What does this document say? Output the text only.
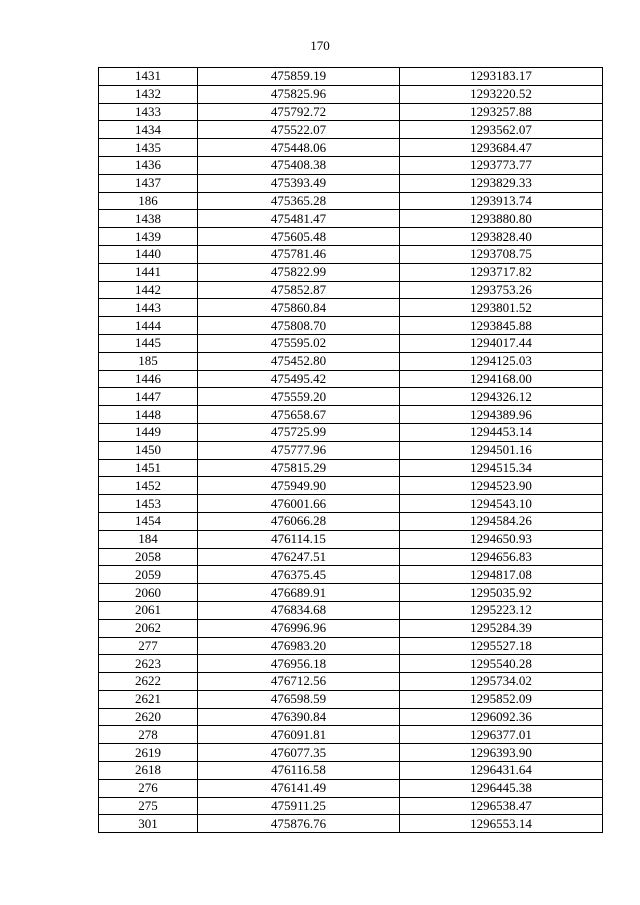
170
1431	475859.19	1293183.17
1432	475825.96	1293220.52
1433	475792.72	1293257.88
1434	475522.07	1293562.07
1435	475448.06	1293684.47
1436	475408.38	1293773.77
1437	475393.49	1293829.33
186	475365.28	1293913.74
1438	475481.47	1293880.80
1439	475605.48	1293828.40
1440	475781.46	1293708.75
1441	475822.99	1293717.82
1442	475852.87	1293753.26
1443	475860.84	1293801.52
1444	475808.70	1293845.88
1445	475595.02	1294017.44
185	475452.80	1294125.03
1446	475495.42	1294168.00
1447	475559.20	1294326.12
1448	475658.67	1294389.96
1449	475725.99	1294453.14
1450	475777.96	1294501.16
1451	475815.29	1294515.34
1452	475949.90	1294523.90
1453	476001.66	1294543.10
1454	476066.28	1294584.26
184	476114.15	1294650.93
2058	476247.51	1294656.83
2059	476375.45	1294817.08
2060	476689.91	1295035.92
2061	476834.68	1295223.12
2062	476996.96	1295284.39
277	476983.20	1295527.18
2623	476956.18	1295540.28
2622	476712.56	1295734.02
2621	476598.59	1295852.09
2620	476390.84	1296092.36
278	476091.81	1296377.01
2619	476077.35	1296393.90
2618	476116.58	1296431.64
276	476141.49	1296445.38
275	475911.25	1296538.47
301	475876.76	1296553.14
